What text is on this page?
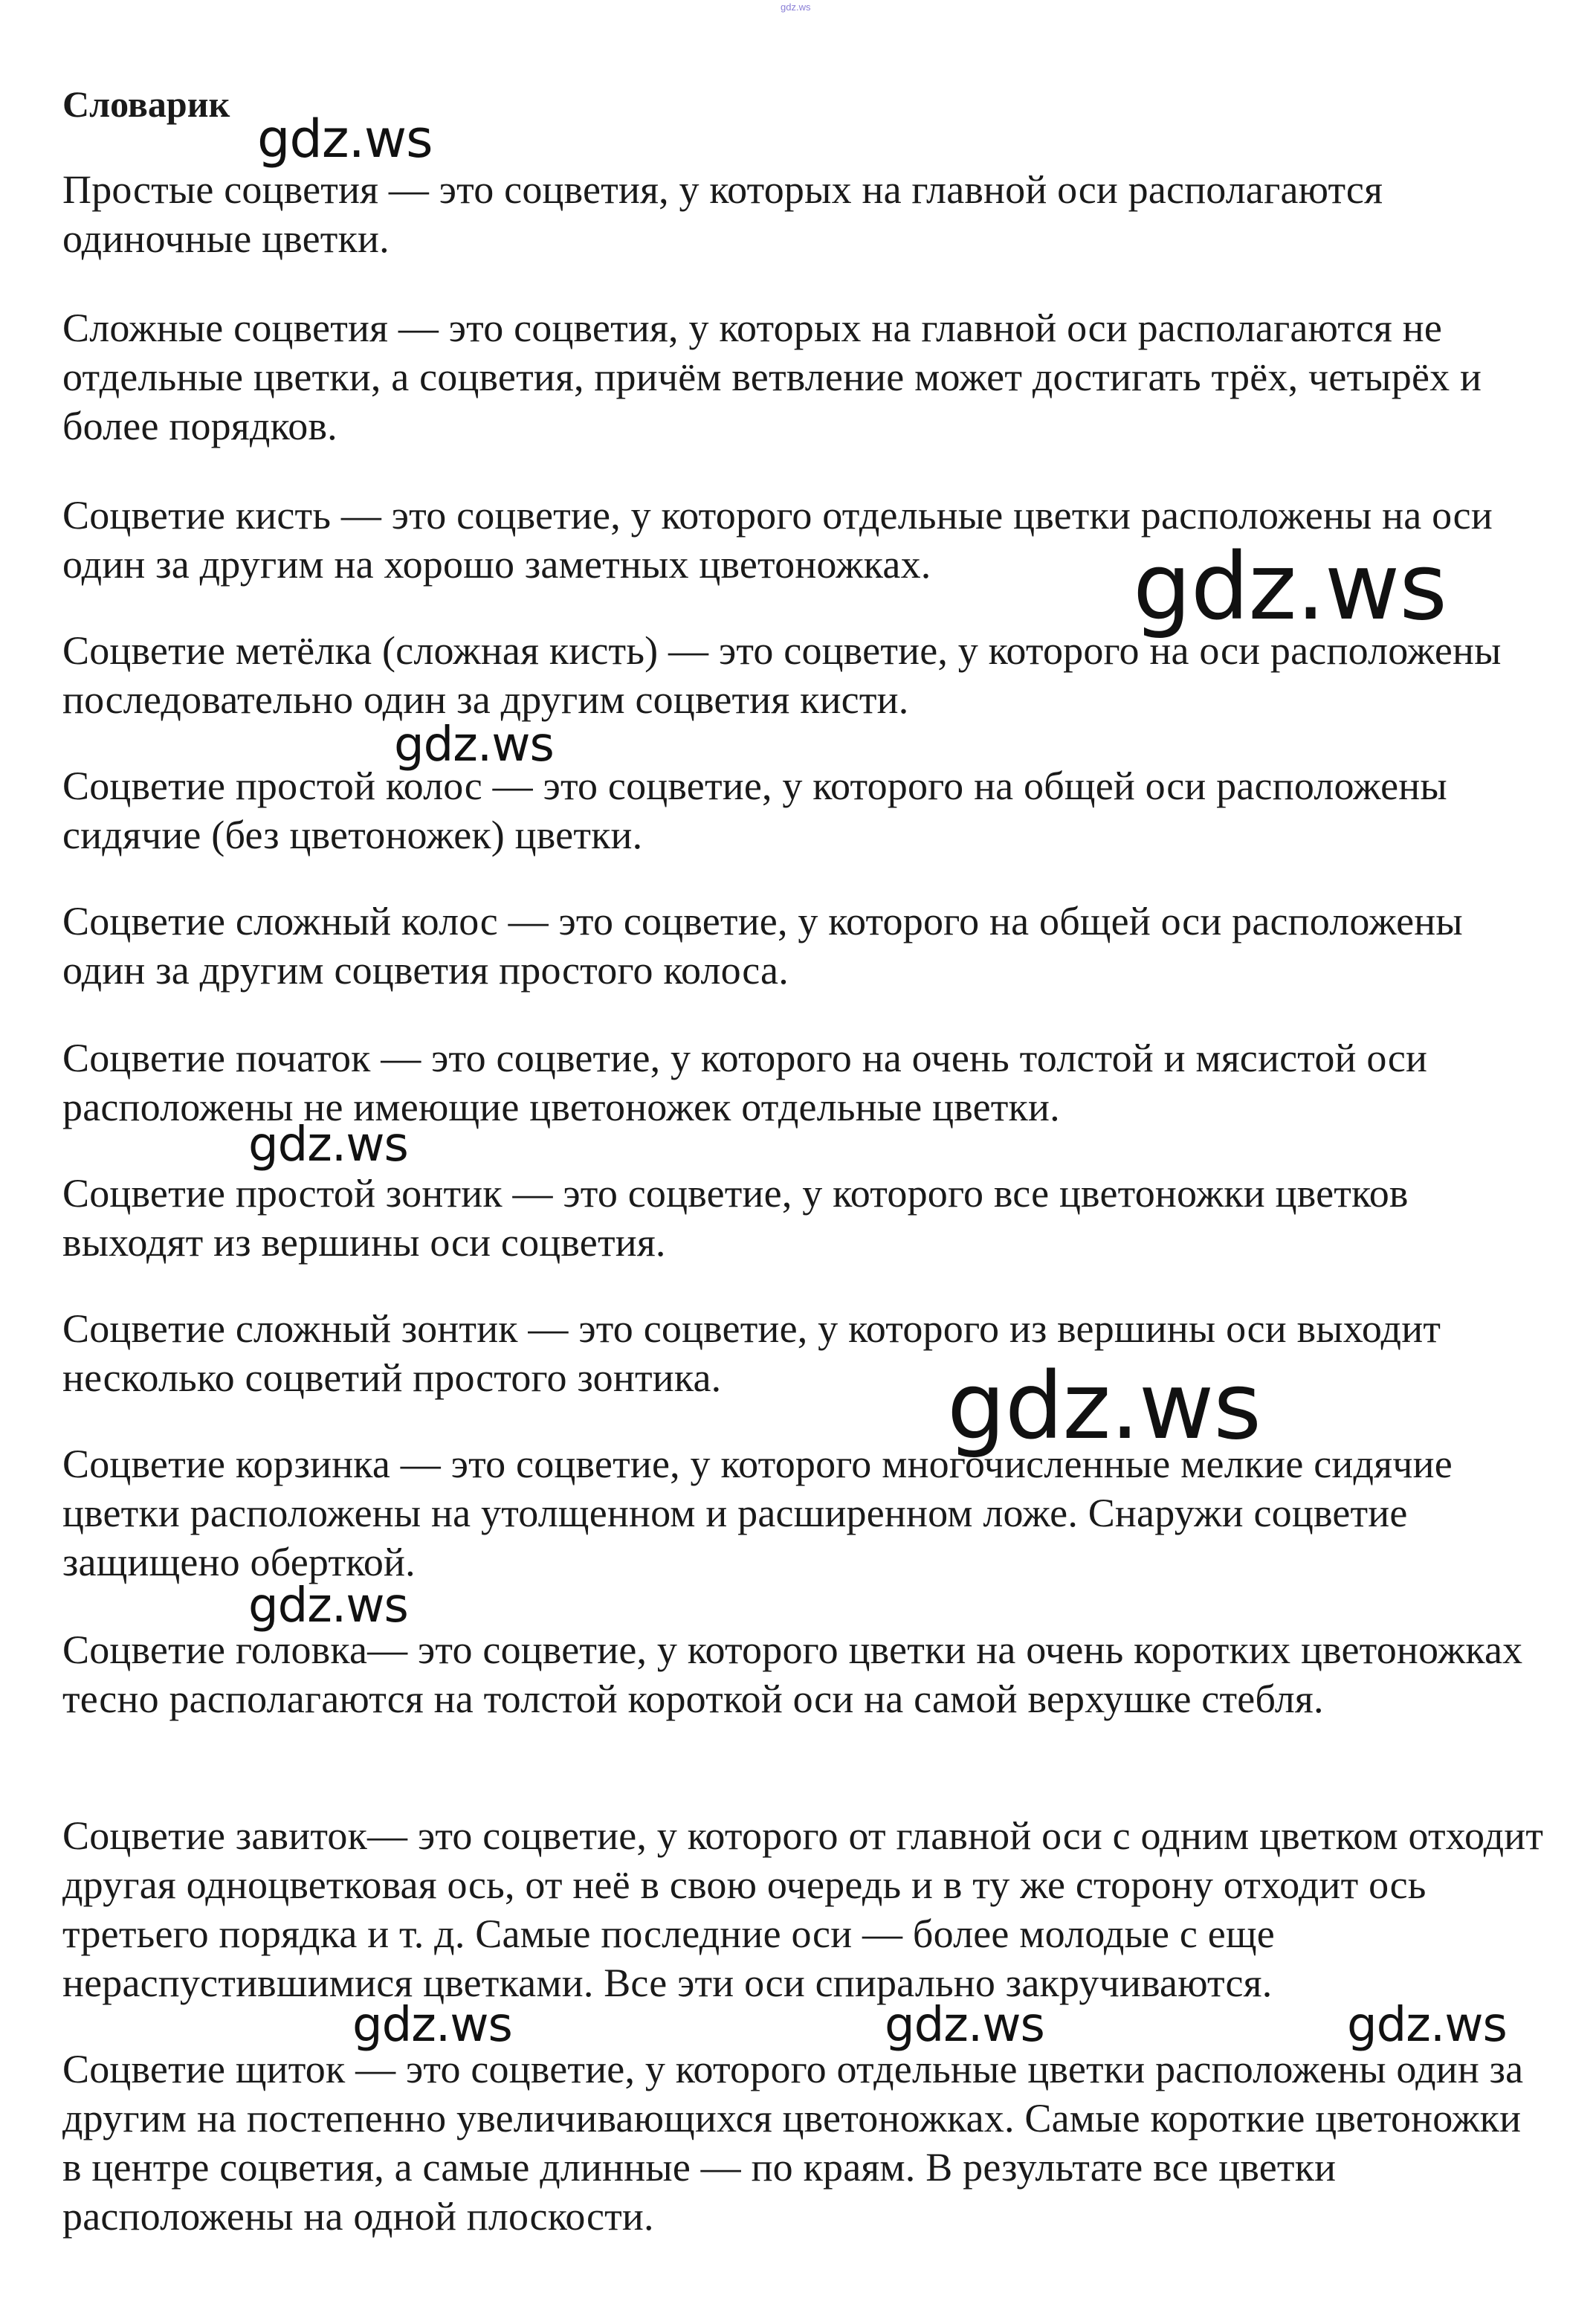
gdz.ws
Словарик

Простые соцветия — это соцветия, у которых на главной оси располагаются одиночные цветки.

Сложные соцветия — это соцветия, у которых на главной оси располагаются не отдельные цветки, а соцветия, причём ветвление может достигать трёх, четырёх и более порядков.

Соцветие кисть — это соцветие, у которого отдельные цветки расположены на оси один за другим на хорошо заметных цветоножках.

Соцветие метёлка (сложная кисть) — это соцветие, у которого на оси расположены последовательно один за другим соцветия кисти.

Соцветие простой колос — это соцветие, у которого на общей оси расположены сидячие (без цветоножек) цветки.

Соцветие сложный колос — это соцветие, у которого на общей оси расположены один за другим соцветия простого колоса.

Соцветие початок — это соцветие, у которого на очень толстой и мясистой оси расположены не имеющие цветоножек отдельные цветки.

Соцветие простой зонтик — это соцветие, у которого все цветоножки цветков выходят из вершины оси соцветия.

Соцветие сложный зонтик — это соцветие, у которого из вершины оси выходит несколько соцветий простого зонтика.

Соцветие корзинка — это соцветие, у которого многочисленные мелкие сидячие цветки расположены на утолщенном и расширенном ложе. Снаружи соцветие защищено оберткой.

Соцветие головка— это соцветие, у которого цветки на очень коротких цветоножках тесно располагаются на толстой короткой оси на самой верхушке стебля.

Соцветие завиток— это соцветие, у которого от главной оси с одним цветком отходит другая одноцветковая ось, от неё в свою очередь и в ту же сторону отходит ось третьего порядка и т. д. Самые последние оси — более молодые с еще нераспустившимися цветками. Все эти оси спирально закручиваются.

Соцветие щиток — это соцветие, у которого отдельные цветки расположены один за другим на постепенно увеличивающихся цветоножках. Самые короткие цветоножки в центре соцветия, а самые длинные — по краям. В результате все цветки расположены на одной плоскости.

gdz.ws
gdz.ws
gdz.ws
gdz.ws
gdz.ws
gdz.ws
gdz.ws	gdz.ws	gdz.ws
